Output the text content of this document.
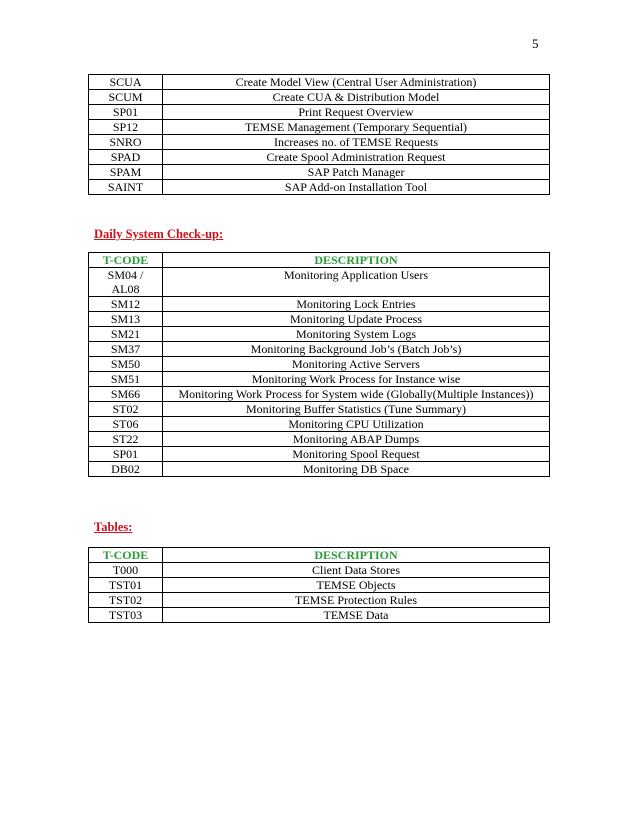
5
SCUA	Create Model View (Central User Administration)
SCUM	Create CUA & Distribution Model
SP01	Print Request Overview
SP12	TEMSE Management (Temporary Sequential)
SNRO	Increases no. of TEMSE Requests
SPAD	Create Spool Administration Request
SPAM	SAP Patch Manager
SAINT	SAP Add-on Installation Tool
Daily System Check-up:
T-CODE	DESCRIPTION
SM04 /
AL08	Monitoring Application Users
SM12	Monitoring Lock Entries
SM13	Monitoring Update Process
SM21	Monitoring System Logs
SM37	Monitoring Background Job’s (Batch Job’s)
SM50	Monitoring Active Servers
SM51	Monitoring Work Process for Instance wise
SM66	Monitoring Work Process for System wide (Globally(Multiple Instances))
ST02	Monitoring Buffer Statistics (Tune Summary)
ST06	Monitoring CPU Utilization
ST22	Monitoring ABAP Dumps
SP01	Monitoring Spool Request
DB02	Monitoring DB Space
Tables:
T-CODE	DESCRIPTION
T000	Client Data Stores
TST01	TEMSE Objects
TST02	TEMSE Protection Rules
TST03	TEMSE Data
